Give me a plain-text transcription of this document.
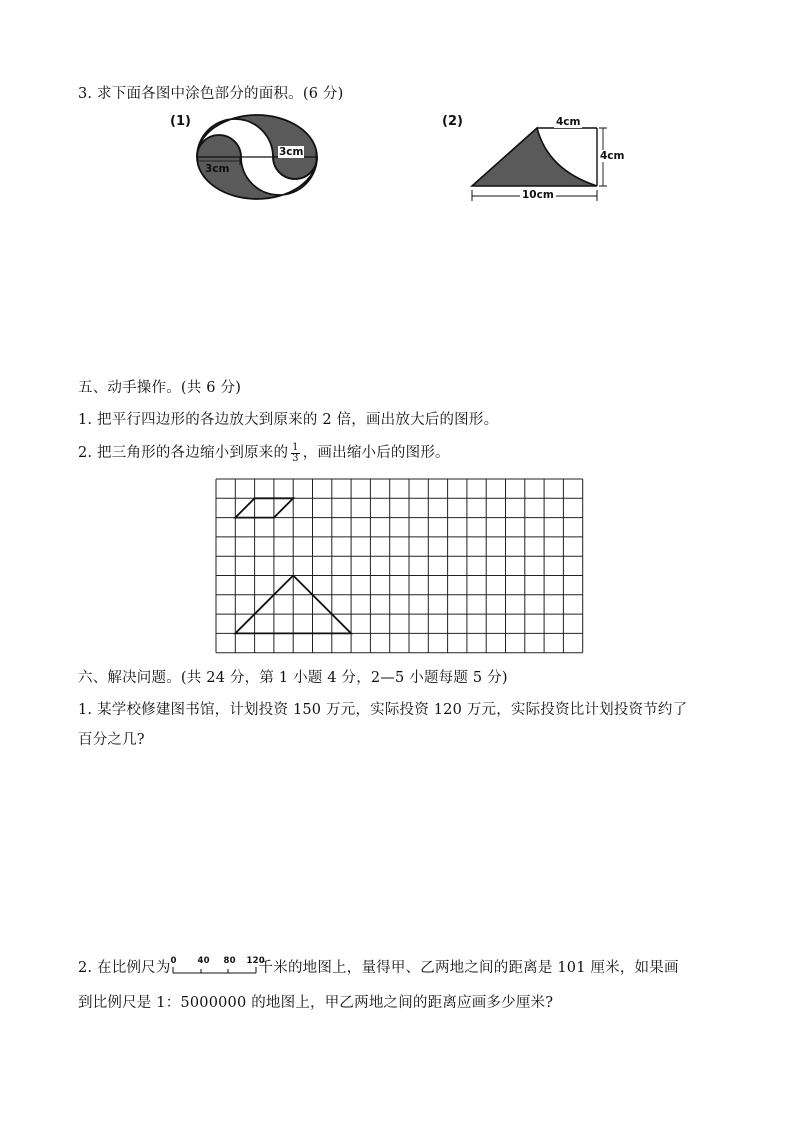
3. 求下面各图中涂色部分的面积。(6 分)
(1)
3cm
3cm
(2)	4cm
4cm
10cm
五、动手操作。(共 6 分)
1. 把平行四边形的各边放大到原来的 2 倍，画出放大后的图形。
2. 把三角形的各边缩小到原来的 $\frac{1}{3}$ ，画出缩小后的图形。
六、解决问题。(共 24 分，第 1 小题 4 分，2—5 小题每题 5 分)
1. 某学校修建图书馆，计划投资 150 万元，实际投资 120 万元，实际投资比计划投资节约了
百分之几?
2. 在比例尺为 0 40 80 120
千米的地图上，量得甲、乙两地之间的距离是 101 厘米，如果画
到比例尺是 1：5000000 的地图上，甲乙两地之间的距离应画多少厘米?
